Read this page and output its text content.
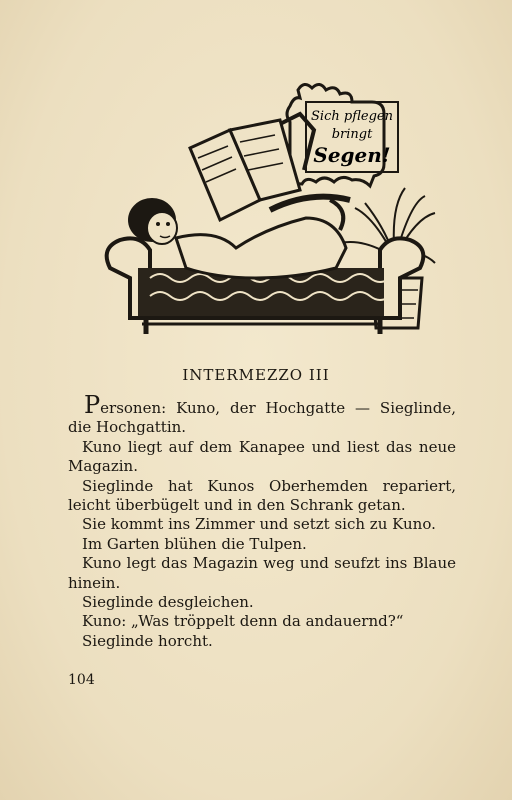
Sich pflegen
bringt
Segen!
INTERMEZZO III

Personen: Kuno, der Hochgatte — Sieglinde, die Hochgattin.

Kuno liegt auf dem Kanapee und liest das neue Magazin.

Sieglinde hat Kunos Oberhemden repariert, leicht überbügelt und in den Schrank getan.

Sie kommt ins Zimmer und setzt sich zu Kuno.

Im Garten blühen die Tulpen.

Kuno legt das Magazin weg und seufzt ins Blaue hinein.

Sieglinde desgleichen.

Kuno: „Was tröppelt denn da andauernd?“

Sieglinde horcht.

104
